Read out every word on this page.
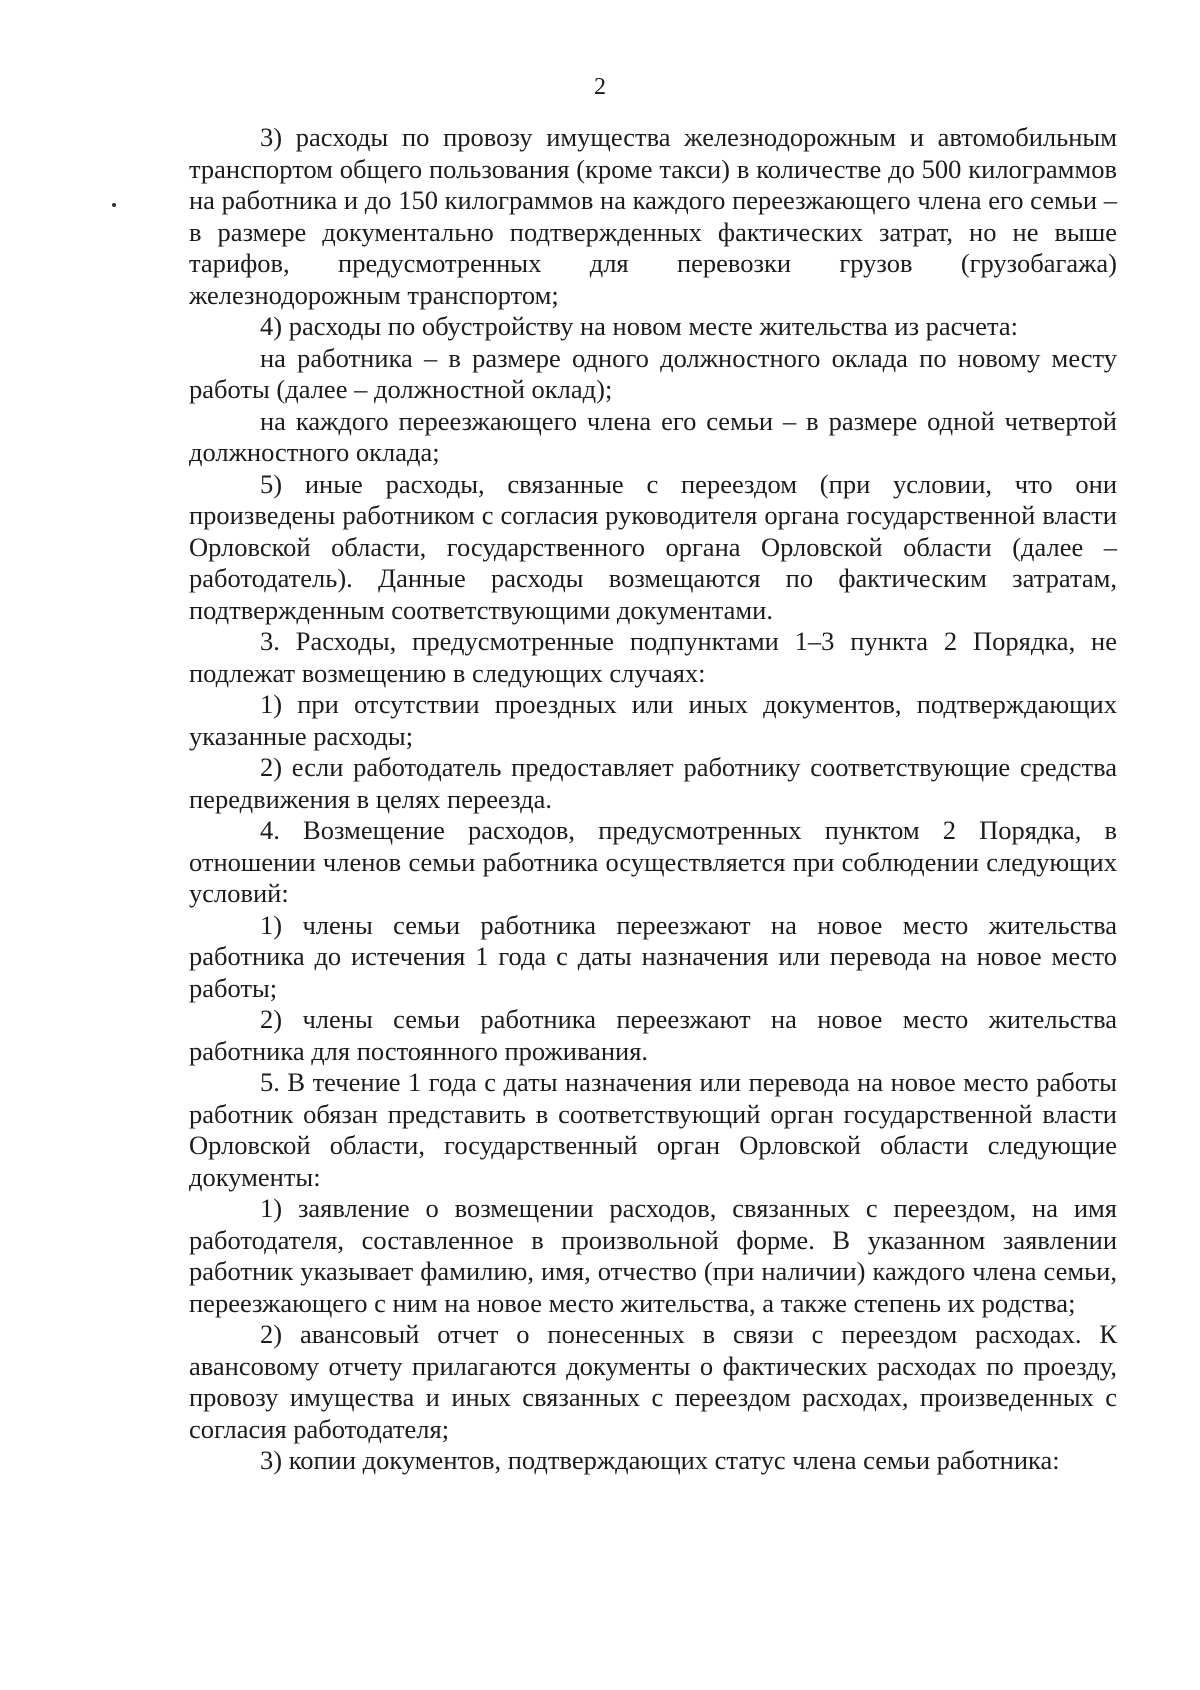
2

3) расходы по провозу имущества железнодорожным и автомобильным транспортом общего пользования (кроме такси) в количестве до 500 килограммов на работника и до 150 килограммов на каждого переезжающего члена его семьи – в размере документально подтвержденных фактических затрат, но не выше тарифов, предусмотренных для перевозки грузов (грузобагажа) железнодорожным транспортом;

4) расходы по обустройству на новом месте жительства из расчета:

на работника – в размере одного должностного оклада по новому месту работы (далее – должностной оклад);

на каждого переезжающего члена его семьи – в размере одной четвертой должностного оклада;

5) иные расходы, связанные с переездом (при условии, что они произведены работником с согласия руководителя органа государственной власти Орловской области, государственного органа Орловской области (далее – работодатель). Данные расходы возмещаются по фактическим затратам, подтвержденным соответствующими документами.

3. Расходы, предусмотренные подпунктами 1–3 пункта 2 Порядка, не подлежат возмещению в следующих случаях:

1) при отсутствии проездных или иных документов, подтверждающих указанные расходы;

2) если работодатель предоставляет работнику соответствующие средства передвижения в целях переезда.

4. Возмещение расходов, предусмотренных пунктом 2 Порядка, в отношении членов семьи работника осуществляется при соблюдении следующих условий:

1) члены семьи работника переезжают на новое место жительства работника до истечения 1 года с даты назначения или перевода на новое место работы;

2) члены семьи работника переезжают на новое место жительства работника для постоянного проживания.

5. В течение 1 года с даты назначения или перевода на новое место работы работник обязан представить в соответствующий орган государственной власти Орловской области, государственный орган Орловской области следующие документы:

1) заявление о возмещении расходов, связанных с переездом, на имя работодателя, составленное в произвольной форме. В указанном заявлении работник указывает фамилию, имя, отчество (при наличии) каждого члена семьи, переезжающего с ним на новое место жительства, а также степень их родства;

2) авансовый отчет о понесенных в связи с переездом расходах. К авансовому отчету прилагаются документы о фактических расходах по проезду, провозу имущества и иных связанных с переездом расходах, произведенных с согласия работодателя;

3) копии документов, подтверждающих статус члена семьи работника:
